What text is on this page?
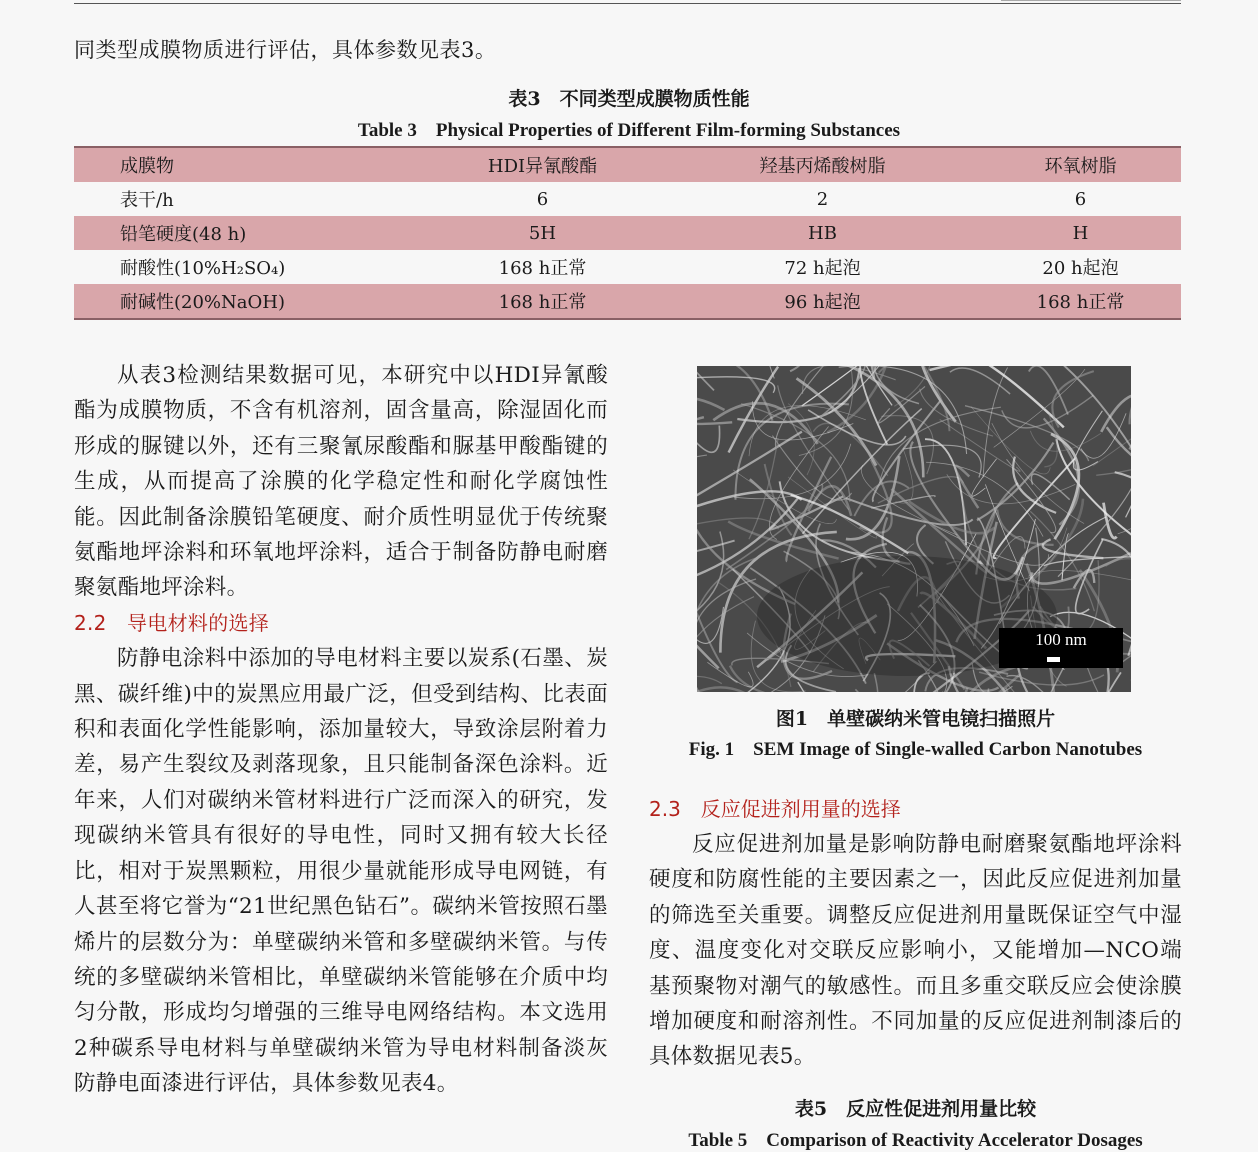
同类型成膜物质进行评估，具体参数见表3。
表3　不同类型成膜物质性能
Table 3　Physical Properties of Different Film-forming Substances
成膜物	HDI异氰酸酯	羟基丙烯酸树脂	环氧树脂
表干/h	6	2	6
铅笔硬度(48 h)	5H	HB	H
耐酸性(10%H₂SO₄)	168 h正常	72 h起泡	20 h起泡
耐碱性(20%NaOH)	168 h正常	96 h起泡	168 h正常

从表3检测结果数据可见，本研究中以HDI异氰酸酯为成膜物质，不含有机溶剂，固含量高，除湿固化而形成的脲键以外，还有三聚氰尿酸酯和脲基甲酸酯键的生成，从而提高了涂膜的化学稳定性和耐化学腐蚀性能。因此制备涂膜铅笔硬度、耐介质性明显优于传统聚氨酯地坪涂料和环氧地坪涂料，适合于制备防静电耐磨聚氨酯地坪涂料。

2.2　导电材料的选择

防静电涂料中添加的导电材料主要以炭系(石墨、炭黑、碳纤维)中的炭黑应用最广泛，但受到结构、比表面积和表面化学性能影响，添加量较大，导致涂层附着力差，易产生裂纹及剥落现象，且只能制备深色涂料。近年来，人们对碳纳米管材料进行广泛而深入的研究，发现碳纳米管具有很好的导电性，同时又拥有较大长径比，相对于炭黑颗粒，用很少量就能形成导电网链，有人甚至将它誉为“21世纪黑色钻石”。碳纳米管按照石墨烯片的层数分为：单壁碳纳米管和多壁碳纳米管。与传统的多壁碳纳米管相比，单壁碳纳米管能够在介质中均匀分散，形成均匀增强的三维导电网络结构。本文选用2种碳系导电材料与单壁碳纳米管为导电材料制备淡灰防静电面漆进行评估，具体参数见表4。

100 nm
图1　单壁碳纳米管电镜扫描照片
Fig. 1　SEM Image of Single-walled Carbon Nanotubes
2.3　反应促进剂用量的选择

反应促进剂加量是影响防静电耐磨聚氨酯地坪涂料硬度和防腐性能的主要因素之一，因此反应促进剂加量的筛选至关重要。调整反应促进剂用量既保证空气中湿度、温度变化对交联反应影响小，又能增加—NCO端基预聚物对潮气的敏感性。而且多重交联反应会使涂膜增加硬度和耐溶剂性。不同加量的反应促进剂制漆后的具体数据见表5。

表5　反应性促进剂用量比较
Table 5　Comparison of Reactivity Accelerator Dosages
